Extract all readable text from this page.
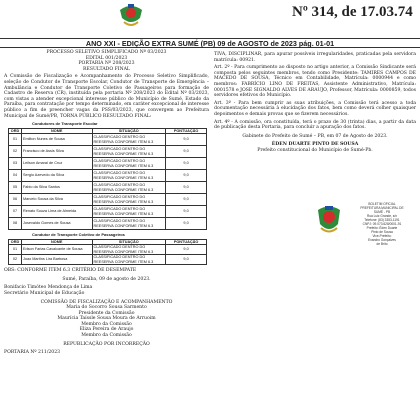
Nº 314, de 17.03.74
ANO XXI - EDIÇÃO EXTRA SUMÉ (PB) 09 de AGOSTO de 2023 pág. 01-01
PROCESSO SELETIVO SIMPLIFICADO Nº 03/2023
EDITAL 001/2023
PORTARIA Nº 208/2023
RESULTADO FINAL
A Comissão de Fiscalização e Acompanhamento do Processo Seletivo Simplificado, seleção de Condutor de Transporte Escolar, Condutor de Transporte de Emergência – Ambulância e Condutor de Transporte Coletivo de Passageiros para formação de Cadastro de Reserva (CR), instituída pela portaria Nº 208/2023 do Edital Nº 03/2023, com vistas a atender excepcional interesse público do Município de Sumé, Estado da Paraíba, para contratação por tempo determinado, em caráter excepcional de interesse público a fim de preencher vagas da PSS/03/2023, que convergem ao Prefeitura Municipal de Sumé/PB, TORNA PÚBLICO RESULTADO FINAL:
Condutores de Transporte Escolar
ORD	NOME	SITUAÇÃO	PONTUAÇÃO
01	Emilton Nunes de Sousa	CLASSIFICADO DENTRO DO REESERVA CONFORME ITEM 6.3	9,0
02	Francisco de Assis Silva	CLASSIFICADO DENTRO DO REESERVA CONFORME ITEM 6.3	9,0
03	Leilson Amaral de Cruz	CLASSIFICADO DENTRO DO REESERVA CONFORME ITEM 6.3	9,0
04	Sergio Azevedo da Silva	CLASSIFICADO DENTRO DO REESERVA CONFORME ITEM 6.3	9,0
05	Fabio da Silva Santos	CLASSIFICADO DENTRO DO REESERVA CONFORME ITEM 6.3	9,0
06	Marcelo Sousa da Silva	CLASSIFICADO DENTRO DO REESERVA CONFORME ITEM 6.3	9,0
07	Renato Souza Lima de Almeida	CLASSIFICADO DENTRO DO REESERVA CONFORME ITEM 6.3	9,0
08	Josevaldo Gomes de Sousa	CLASSIFICADO DENTRO DO REESERVA CONFORME ITEM 6.3	9,0
Condutor de Transporte Coletivo de Passageiros
ORD	NOME	SITUAÇÃO	PONTUAÇÃO
01	Edson Farias Cavalcante de Sousa	CLASSIFICADO DENTRO DO REESERVA CONFORME ITEM 6.3	9,0
02	Joao Martins Lira Barbosa	CLASSIFICADO DENTRO DO REESERVA CONFORME ITEM 6.3	9,0
OBS: CONFORME ITEM 6.3 CRITÉRIO DE DESEMPATE
Sumé, Paraíba, 09 de agosto de 2023.
Bonifacio Timóteo Mendonça de Lima
Secretário Municipal de Educação
COMISSÃO DE FISCALIZAÇÃO E ACOMPANHAMENTO
Maria do Socorro Sousa Sarmento
Presidente da Comissão
Maurícia Taíssle Sousa Moura de Arruoim
Membro da Comissão
Eliza Pereira de Araujo
Membro da Comissão
REPUBLICAÇÃO POR INCORREÇÃO
PORTARIA Nº 211/2023
TIVA, DISCIPLINAR, para apurar possíveis irregularidades, praticadas pela servidora matrícula: 00921.
Art. 2º - Para cumprimento ao disposto no artigo anterior, a Comissão Sindicante será composta pelos seguintes membros, tendo como Presidente: TAMIRES CAMPOS DE MACEDO DE SOUSA, Técnico em Contabilidade, Matrícula: 0000944 e como membros: FABRÍCIO LINO DE FREITAS, Assistente Administrativo, Matrícula: 0001578 e JOSE SIGNALDO ALVES DE ARAUJO, Professor, Matrícula: 0000859, todos servidores efetivos do Município.
Art. 3º - Para bem cumprir as suas atribuições, a Comissão terá acesso a toda documentação necessária à elucidação dos fatos, bem como deverá colher quaisquer depoimentos e demais provas que se fizerem necessários.
Art. 4º - A comissão, ora constituída, terá o prazo de 30 (trinta) dias, a partir da data de publicação desta Portaria, para concluir a apuração dos fatos.
Gabinete do Prefeito de Sumé – PB, em 07 de Agosto de 2023.
ÉDEN DUARTE PINTO DE SOUSA
Prefeito constitucional do Município de Sumé-Pb.
BOLETIM OFICIAL
PREFEITURA MUNICIPAL DE SUMÉ - PB
Rua Luiz Grande, s/n
Telefone: (83) 3353-1191
CNPJ: 09.073.628/0001-91
Prefeito: Éden Duarte
Pinto de Sousa
Vice-Prefeito:
Evandro Gonçalves
de Brito
